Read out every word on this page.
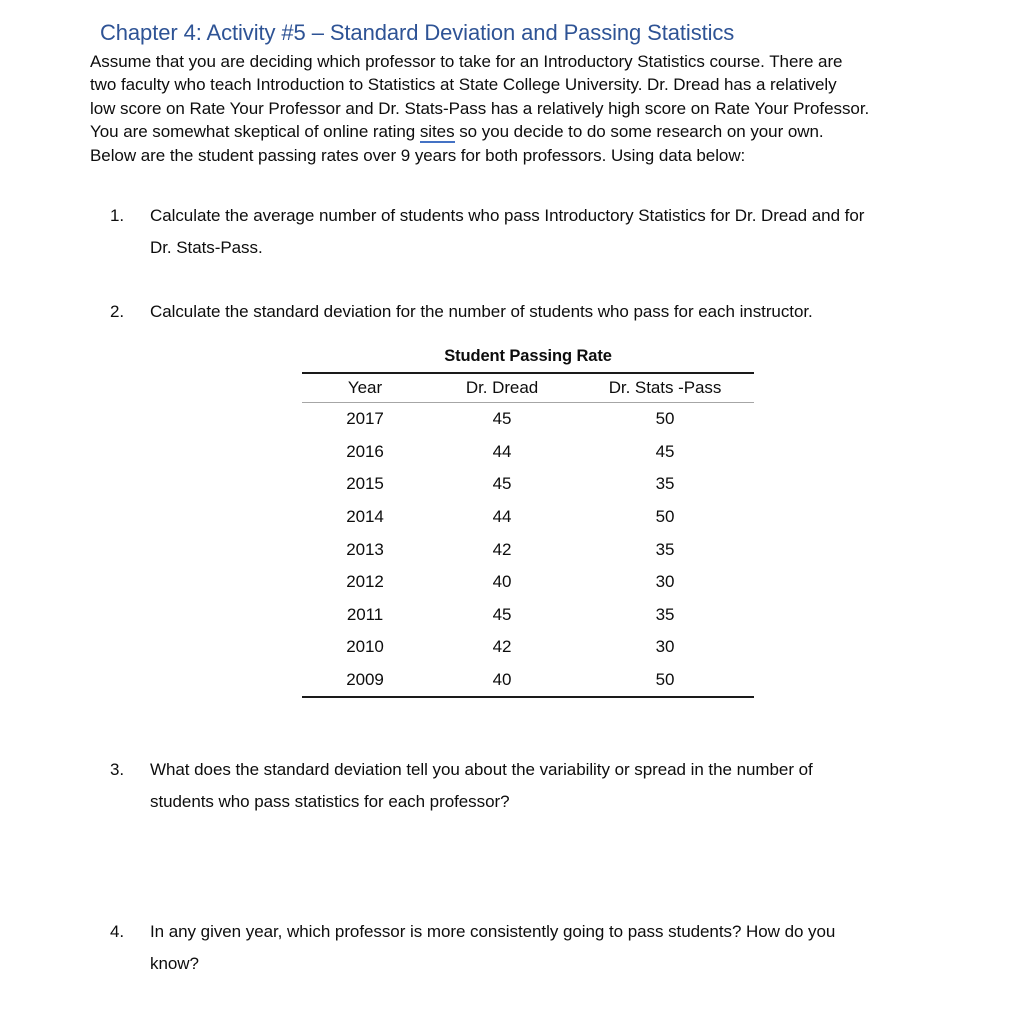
Chapter 4: Activity #5 – Standard Deviation and Passing Statistics
Assume that you are deciding which professor to take for an Introductory Statistics course. There are
two faculty who teach Introduction to Statistics at State College University. Dr. Dread has a relatively
low score on Rate Your Professor and Dr. Stats-Pass has a relatively high score on Rate Your Professor.
You are somewhat skeptical of online rating sites so you decide to do some research on your own.
Below are the student passing rates over 9 years for both professors. Using data below:
1.	Calculate the average number of students who pass Introductory Statistics for Dr. Dread and for
Dr. Stats-Pass.
2.	Calculate the standard deviation for the number of students who pass for each instructor.
Student Passing Rate
Year	Dr. Dread	Dr. Stats -Pass
2017	45	50
2016	44	45
2015	45	35
2014	44	50
2013	42	35
2012	40	30
2011	45	35
2010	42	30
2009	40	50
3.	What does the standard deviation tell you about the variability or spread in the number of
students who pass statistics for each professor?
4.	In any given year, which professor is more consistently going to pass students? How do you
know?
